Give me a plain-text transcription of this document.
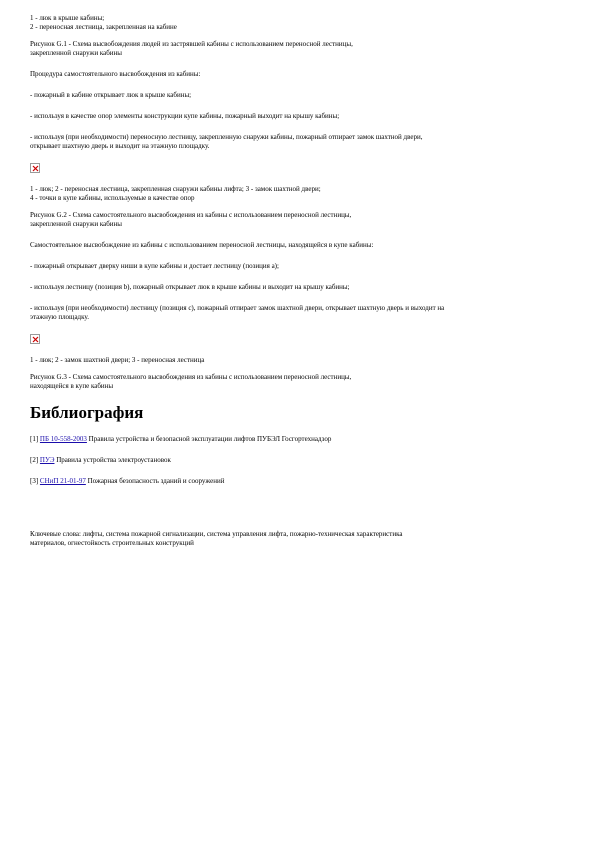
1 - люк в крыше кабины;

2 - переносная лестница, закрепленная на кабине

Рисунок G.1 - Схема высвобождения людей из застрявшей кабины с использованием переносной лестницы,

закрепленной снаружи кабины

Процедура самостоятельного высвобождения из кабины:

- пожарный в кабине открывает люк в крыше кабины;

- используя в качестве опор элементы конструкции купе кабины, пожарный выходит на крышу кабины;

- используя (при необходимости) переносную лестницу, закрепленную снаружи кабины, пожарный отпирает замок шахтной двери,

открывает шахтную дверь и выходит на этажную площадку.

1 - люк; 2 - переносная лестница, закрепленная снаружи кабины лифта; 3 - замок шахтной двери;

4 - точки в купе кабины, используемые в качестве опор

Рисунок G.2 - Схема самостоятельного высвобождения из кабины с использованием переносной лестницы,

закрепленной снаружи кабины

Самостоятельное высвобождение из кабины с использованием переносной лестницы, находящейся в купе кабины:

- пожарный открывает дверку ниши в купе кабины и достает лестницу (позиция а);

- используя лестницу (позиция b), пожарный открывает люк в крыше кабины и выходит на крышу кабины;

- используя (при необходимости) лестницу (позиция с), пожарный отпирает замок шахтной двери, открывает шахтную дверь и выходит на

этажную площадку.

1 - люк; 2 - замок шахтной двери; 3 - переносная лестница

Рисунок G.3 - Схема самостоятельного высвобождения из кабины с использованием переносной лестницы,

находящейся в купе кабины

Библиография

[1] ПБ 10-558-2003 Правила устройства и безопасной эксплуатации лифтов ПУБЭЛ Госгортехнадзор

[2] ПУЭ Правила устройства электроустановок

[3] СНиП 21-01-97 Пожарная безопасность зданий и сооружений

Ключевые слова: лифты, система пожарной сигнализации, система управления лифта, пожарно-техническая характеристика

материалов, огнестойкость строительных конструкций
